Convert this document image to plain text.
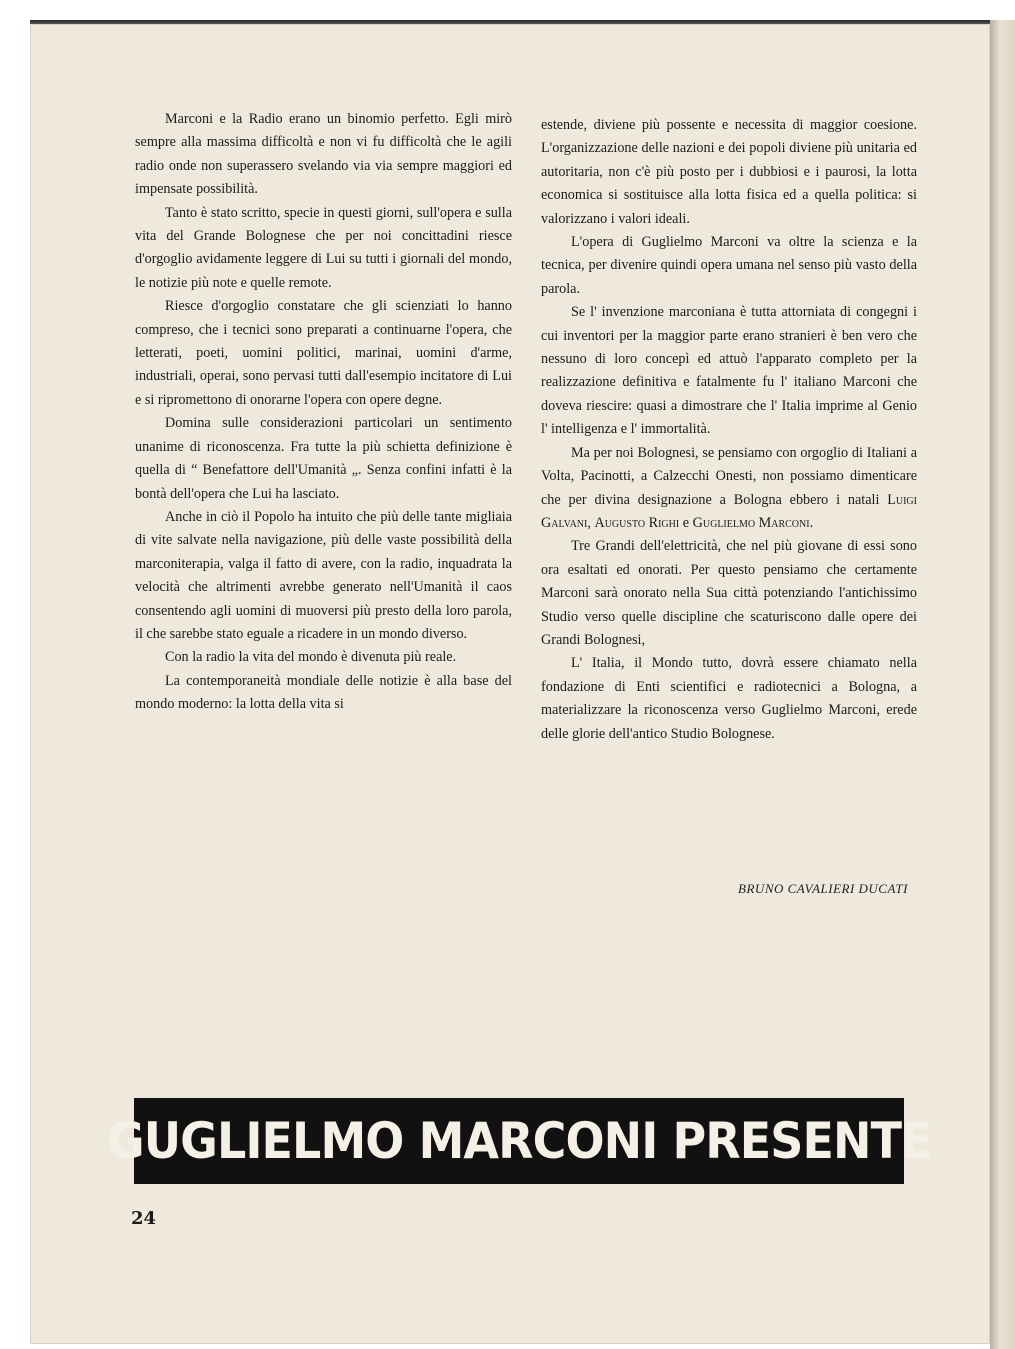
Marconi e la Radio erano un binomio perfetto. Egli mirò sempre alla massima difficoltà e non vi fu difficoltà che le agili radio onde non superassero svelando via via sempre maggiori ed impensate possibilità.

Tanto è stato scritto, specie in questi giorni, sull'opera e sulla vita del Grande Bolognese che per noi concittadini riesce d'orgoglio avidamente leggere di Lui su tutti i giornali del mondo, le notizie più note e quelle remote.

Riesce d'orgoglio constatare che gli scienziati lo hanno compreso, che i tecnici sono preparati a continuarne l'opera, che letterati, poeti, uomini politici, marinai, uomini d'arme, industriali, operai, sono pervasi tutti dall'esempio incitatore di Lui e si ripromettono di onorarne l'opera con opere degne.

Domina sulle considerazioni particolari un sentimento unanime di riconoscenza. Fra tutte la più schietta definizione è quella di “ Benefattore dell'Umanità „. Senza confini infatti è la bontà dell'opera che Lui ha lasciato.

Anche in ciò il Popolo ha intuito che più delle tante migliaia di vite salvate nella navigazione, più delle vaste possibilità della marconiterapia, valga il fatto di avere, con la radio, inquadrata la velocità che altrimenti avrebbe generato nell'Umanità il caos consentendo agli uomini di muoversi più presto della loro parola, il che sarebbe stato eguale a ricadere in un mondo diverso.

Con la radio la vita del mondo è divenuta più reale.

La contemporaneità mondiale delle notizie è alla base del mondo moderno: la lotta della vita si

estende, diviene più possente e necessita di maggior coesione. L'organizzazione delle nazioni e dei popoli diviene più unitaria ed autoritaria, non c'è più posto per i dubbiosi e i paurosi, la lotta economica si sostituisce alla lotta fisica ed a quella politica: si valorizzano i valori ideali.

L'opera di Guglielmo Marconi va oltre la scienza e la tecnica, per divenire quindi opera umana nel senso più vasto della parola.

Se l' invenzione marconiana è tutta attorniata di congegni i cui inventori per la maggior parte erano stranieri è ben vero che nessuno di loro concepì ed attuò l'apparato completo per la realizzazione definitiva e fatalmente fu l' italiano Marconi che doveva riescire: quasi a dimostrare che l' Italia imprime al Genio l' intelligenza e l' immortalità.

Ma per noi Bolognesi, se pensiamo con orgoglio di Italiani a Volta, Pacinotti, a Calzecchi Onesti, non possiamo dimenticare che per divina designazione a Bologna ebbero i natali Luigi Galvani, Augusto Righi e Guglielmo Marconi.

Tre Grandi dell'elettricità, che nel più giovane di essi sono ora esaltati ed onorati. Per questo pensiamo che certamente Marconi sarà onorato nella Sua città potenziando l'antichissimo Studio verso quelle discipline che scaturiscono dalle opere dei Grandi Bolognesi,

L' Italia, il Mondo tutto, dovrà essere chiamato nella fondazione di Enti scientifici e radiotecnici a Bologna, a materializzare la riconoscenza verso Guglielmo Marconi, erede delle glorie dell'antico Studio Bolognese.

BRUNO CAVALIERI DUCATI
GUGLIELMO MARCONI PRESENTE
24
